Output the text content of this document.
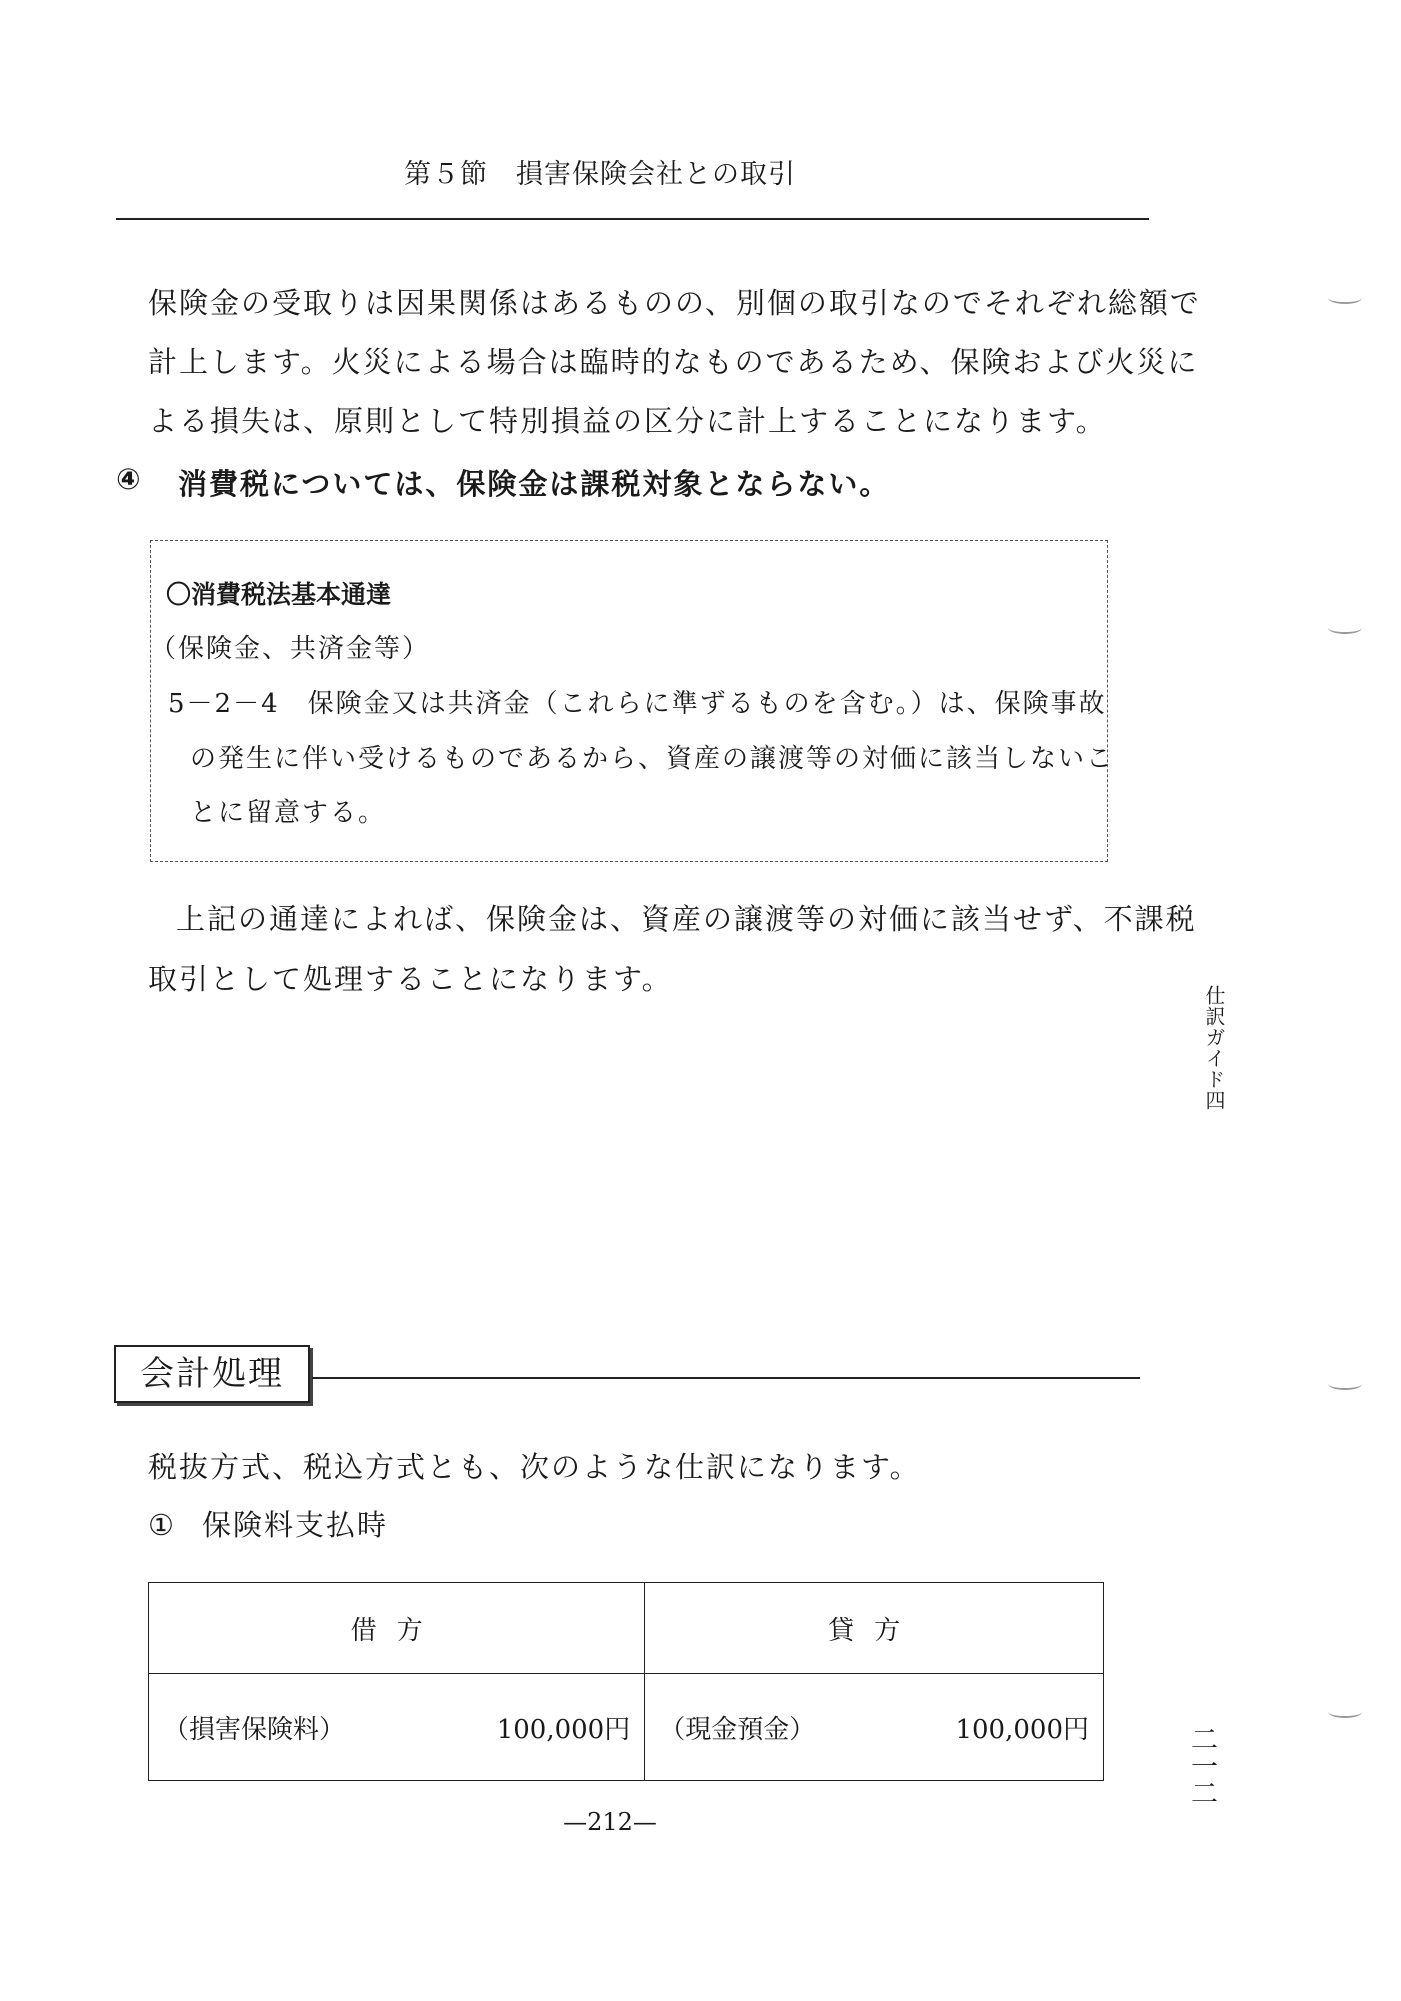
第５節　損害保険会社との取引
保険金の受取りは因果関係はあるものの、別個の取引なのでそれぞれ総額で
計上します。火災による場合は臨時的なものであるため、保険および火災に
よる損失は、原則として特別損益の区分に計上することになります。
④ 消費税については、保険金は課税対象とならない。
〇消費税法基本通達
（保険金、共済金等）
5－2－4　保険金又は共済金（これらに準ずるものを含む。）は、保険事故
の発生に伴い受けるものであるから、資産の譲渡等の対価に該当しないこ
とに留意する。
上記の通達によれば、保険金は、資産の譲渡等の対価に該当せず、不課税
取引として処理することになります。
仕訳ガイド四
会計処理
税抜方式、税込方式とも、次のような仕訳になります。
① 保険料支払時
借方	貸方

（損害保険料） 100,000円	（現金預金） 100,000円	二一二
—212—
